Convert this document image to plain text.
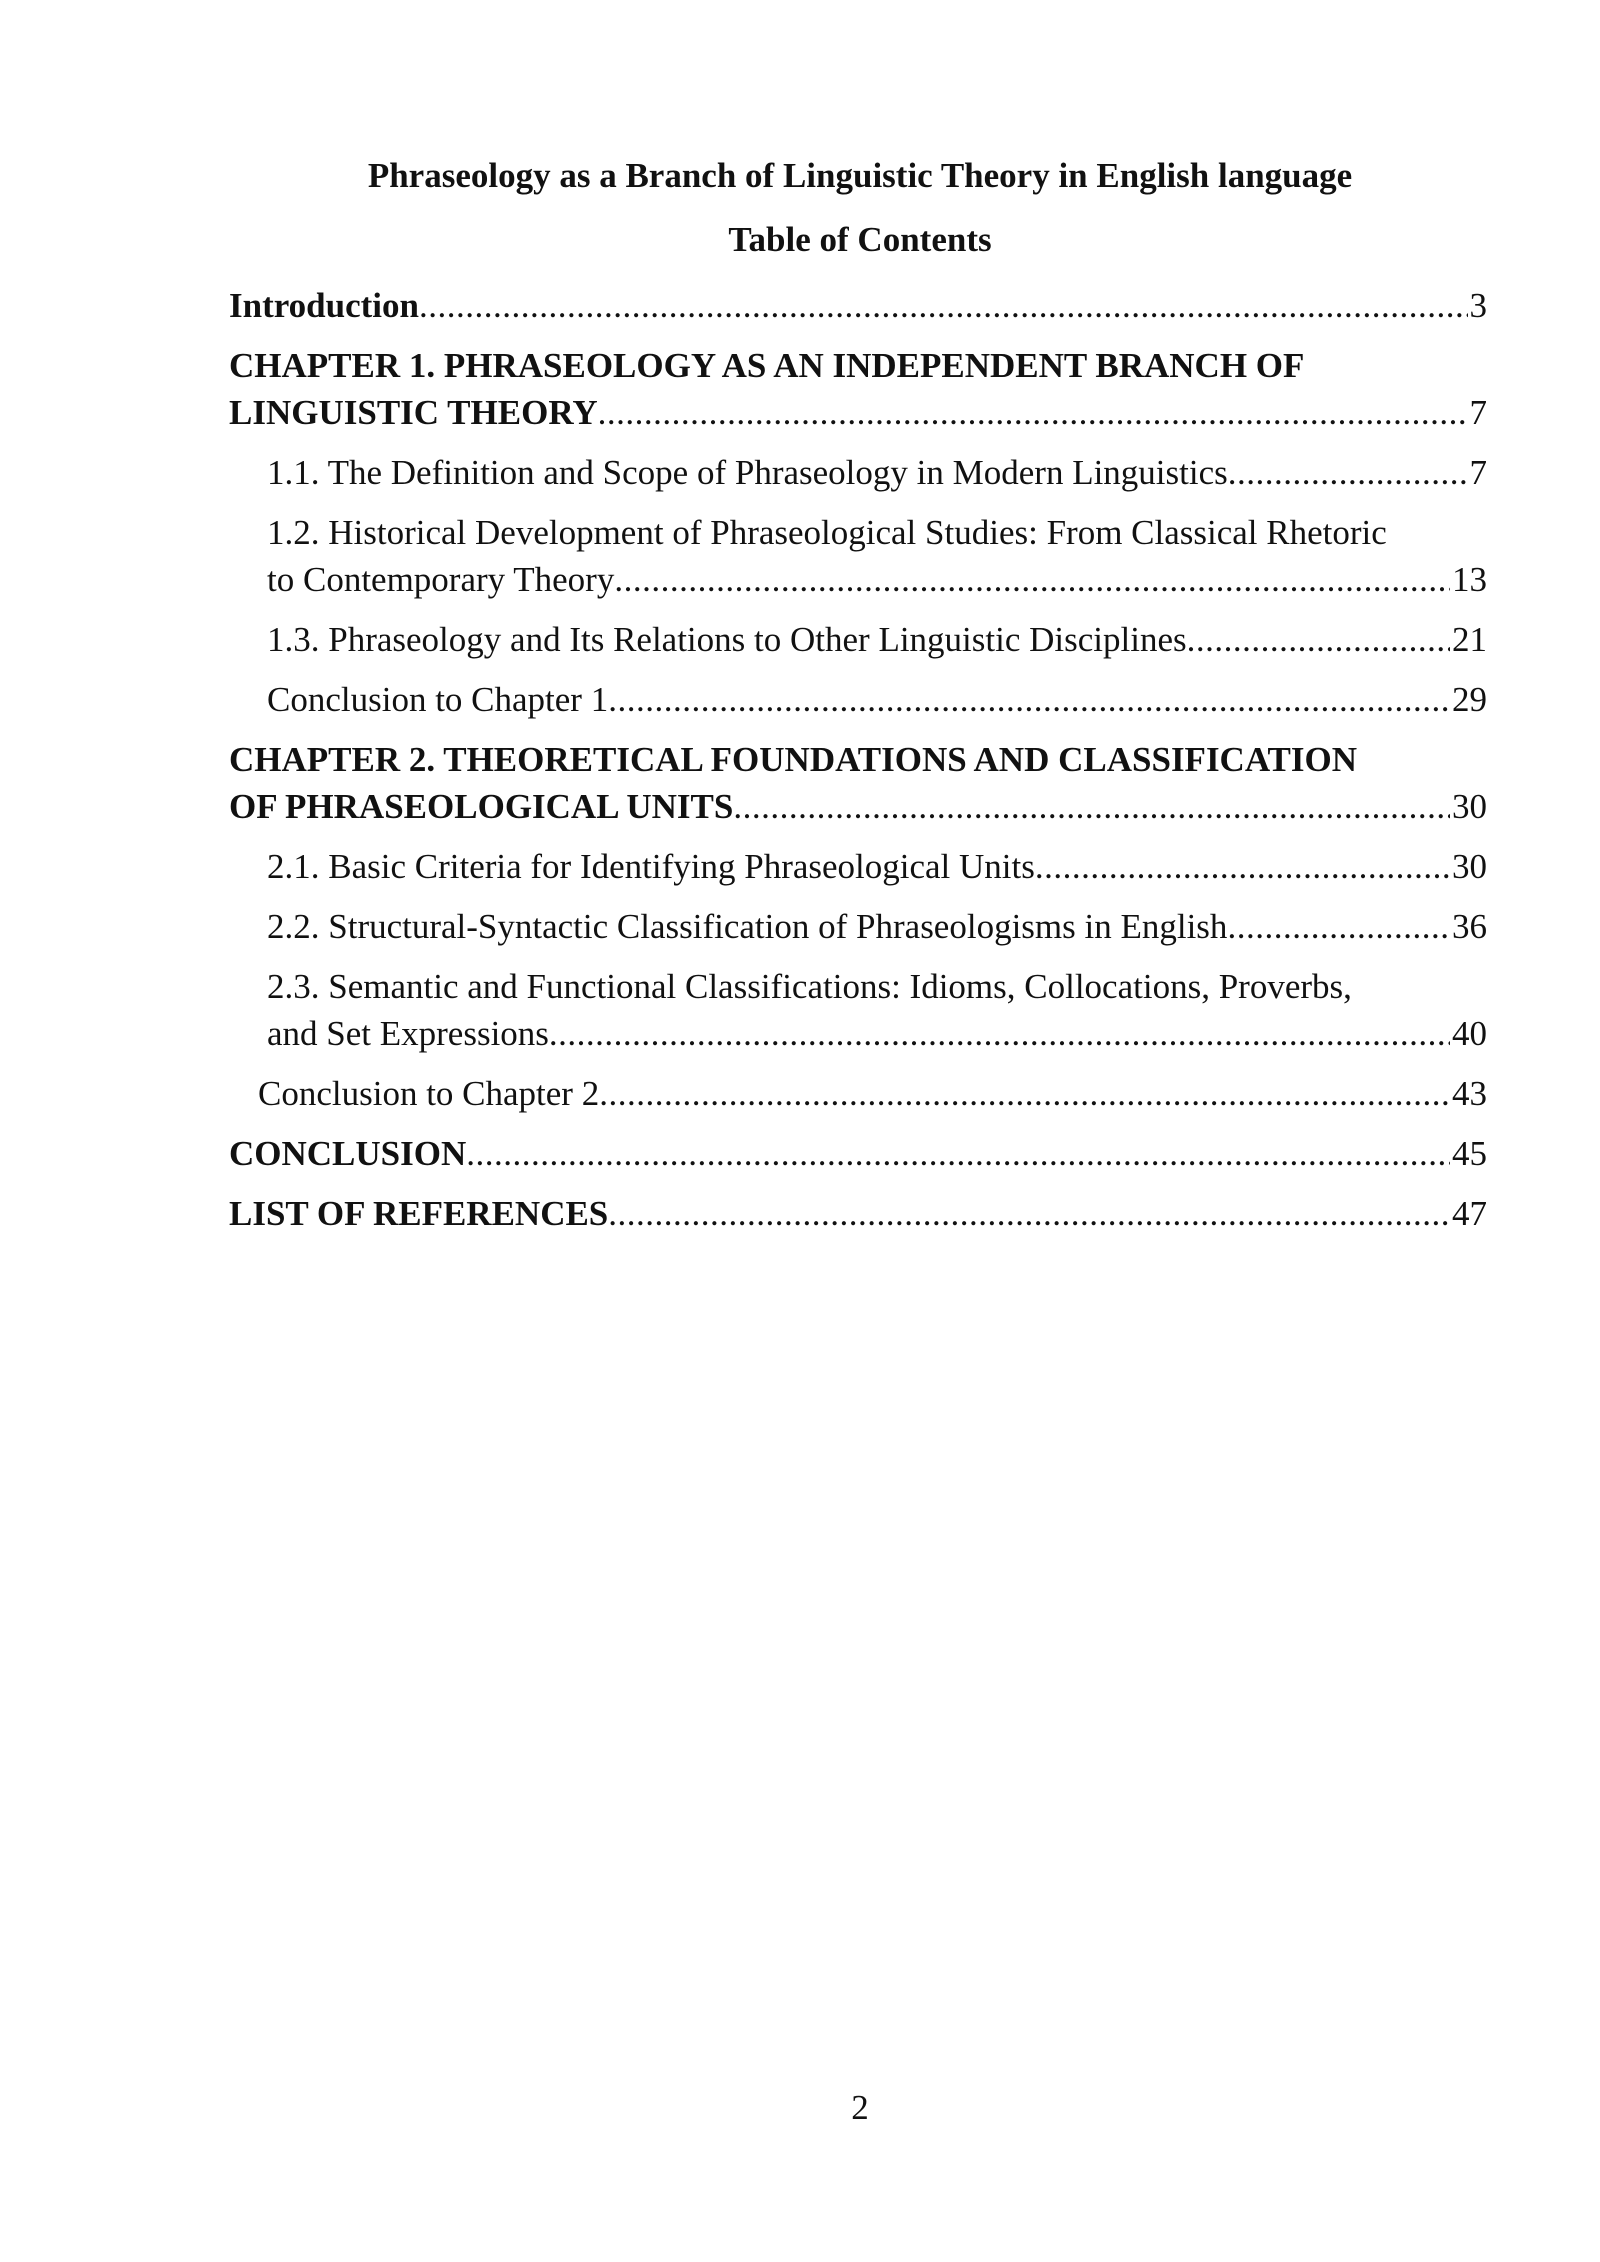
Phraseology as a Branch of Linguistic Theory in English language
Table of Contents
Introduction .....	3
CHAPTER 1. PHRASEOLOGY AS AN INDEPENDENT BRANCH OF
LINGUISTIC THEORY .....	7
1.1. The Definition and Scope of Phraseology in Modern Linguistics .....	7
1.2. Historical Development of Phraseological Studies: From Classical Rhetoric
to Contemporary Theory .....	13
1.3. Phraseology and Its Relations to Other Linguistic Disciplines .....	21
Conclusion to Chapter 1 .....	29
CHAPTER 2. THEORETICAL FOUNDATIONS AND CLASSIFICATION
OF PHRASEOLOGICAL UNITS .....	30
2.1. Basic Criteria for Identifying Phraseological Units .....	30
2.2. Structural-Syntactic Classification of Phraseologisms in English .....	36
2.3. Semantic and Functional Classifications: Idioms, Collocations, Proverbs,
and Set Expressions .....	40
Conclusion to Chapter 2 .....	43
CONCLUSION .....	45
LIST OF REFERENCES .....	47
2
